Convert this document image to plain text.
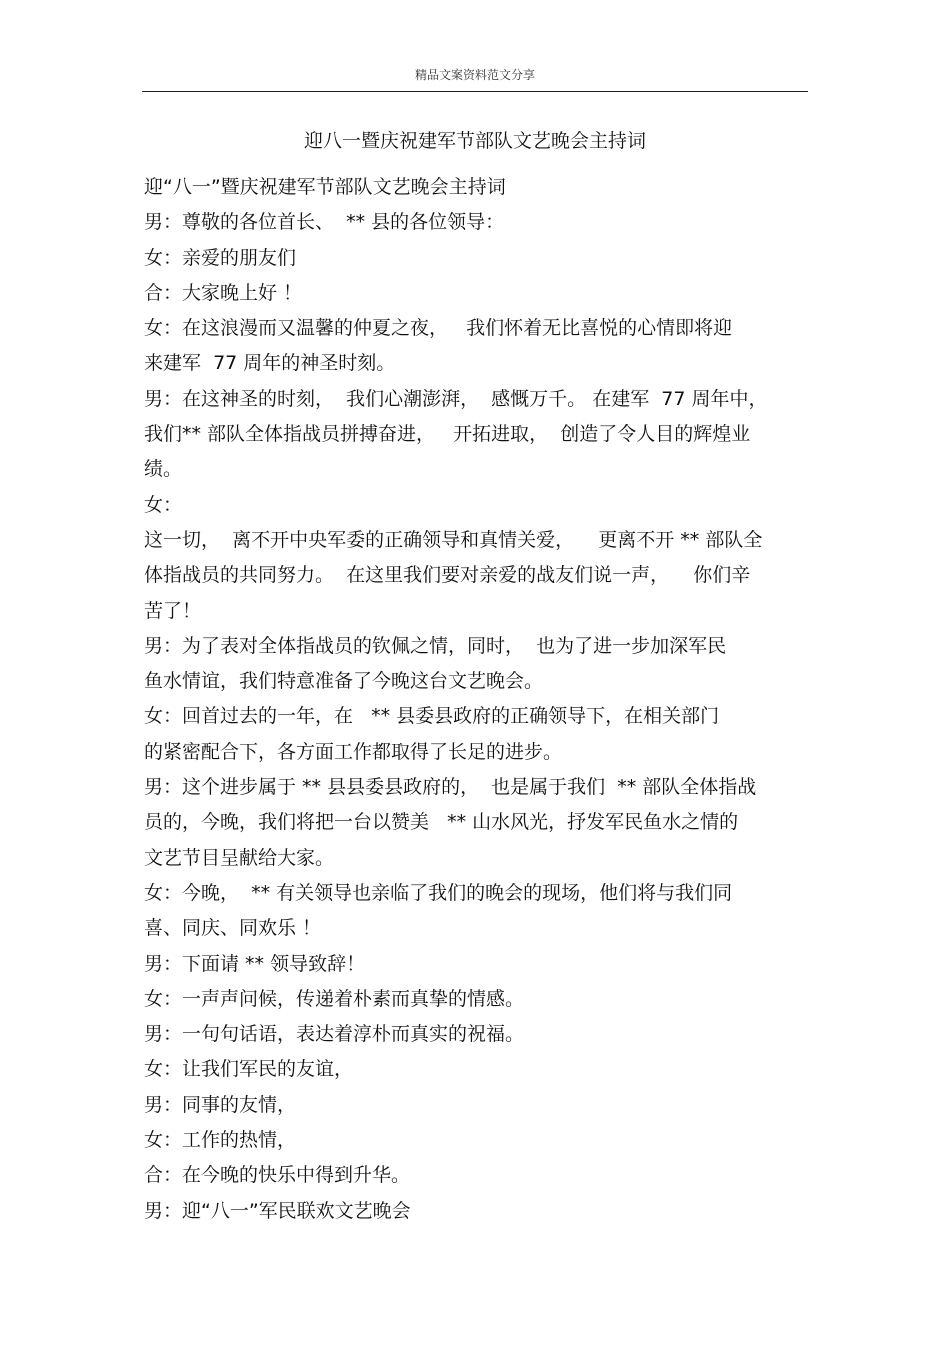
精品文案资料范文分享
迎八一暨庆祝建军节部队文艺晚会主持词
迎“八一”暨庆祝建军节部队文艺晚会主持词
男：尊敬的各位首长、  ** 县的各位领导：
女：亲爱的朋友们
合：大家晚上好 ！
女：在这浪漫而又温馨的仲夏之夜，   我们怀着无比喜悦的心情即将迎
来建军  77 周年的神圣时刻。
男：在这神圣的时刻，  我们心潮澎湃，  感慨万千。 在建军  77 周年中，
我们** 部队全体指战员拼搏奋进，   开拓进取，  创造了令人目的辉煌业
绩。
女：
这一切，  离不开中央军委的正确领导和真情关爱，    更离不开 ** 部队全
体指战员的共同努力。  在这里我们要对亲爱的战友们说一声，    你们辛
苦了！
男：为了表对全体指战员的钦佩之情，同时，  也为了进一步加深军民
鱼水情谊，我们特意准备了今晚这台文艺晚会。
女：回首过去的一年，在   ** 县委县政府的正确领导下，在相关部门
的紧密配合下，各方面工作都取得了长足的进步。
男：这个进步属于 ** 县县委县政府的，  也是属于我们  ** 部队全体指战
员的，今晚，我们将把一台以赞美   ** 山水风光，抒发军民鱼水之情的
文艺节目呈献给大家。
女：今晚，  ** 有关领导也亲临了我们的晚会的现场，他们将与我们同
喜、同庆、同欢乐 ！
男：下面请 ** 领导致辞！
女：一声声问候，传递着朴素而真挚的情感。
男：一句句话语，表达着淳朴而真实的祝福。
女：让我们军民的友谊，
男：同事的友情，
女：工作的热情，
合：在今晚的快乐中得到升华。
男：迎“八一”军民联欢文艺晚会
